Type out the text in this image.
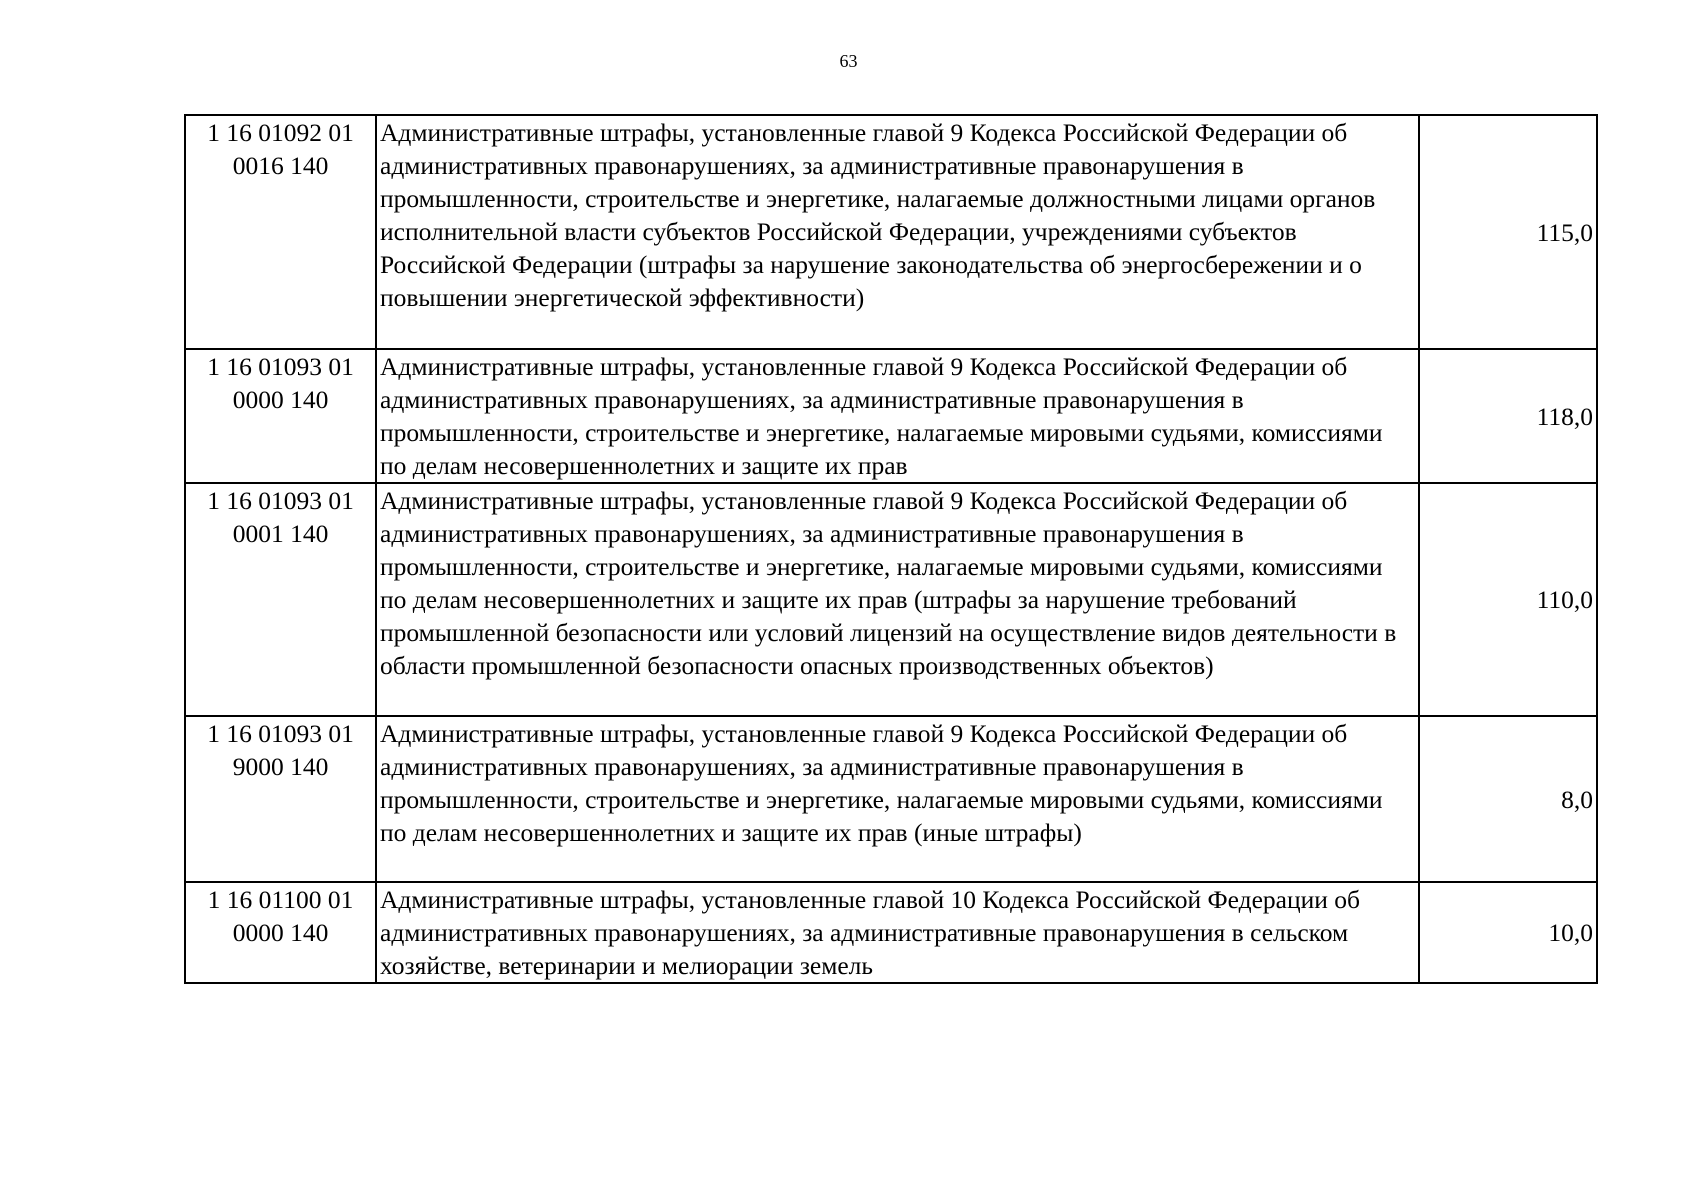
63
1 16 01092 01
0016 140	Административные штрафы, установленные главой 9 Кодекса Российской Федерации об административных правонарушениях, за административные правонарушения в промышленности, строительстве и энергетике, налагаемые должностными лицами органов исполнительной власти субъектов Российской Федерации, учреждениями субъектов Российской Федерации (штрафы за нарушение законодательства об энергосбережении и о повышении энергетической эффективности)	115,0

1 16 01093 01
0000 140	Административные штрафы, установленные главой 9 Кодекса Российской Федерации об административных правонарушениях, за административные правонарушения в промышленности, строительстве и энергетике, налагаемые мировыми судьями, комиссиями по делам несовершеннолетних и защите их прав	118,0

1 16 01093 01
0001 140	Административные штрафы, установленные главой 9 Кодекса Российской Федерации об административных правонарушениях, за административные правонарушения в промышленности, строительстве и энергетике, налагаемые мировыми судьями, комиссиями по делам несовершеннолетних и защите их прав (штрафы за нарушение требований промышленной безопасности или условий лицензий на осуществление видов деятельности в области промышленной безопасности опасных производственных объектов)	110,0

1 16 01093 01
9000 140	Административные штрафы, установленные главой 9 Кодекса Российской Федерации об административных правонарушениях, за административные правонарушения в промышленности, строительстве и энергетике, налагаемые мировыми судьями, комиссиями по делам несовершеннолетних и защите их прав (иные штрафы)	8,0

1 16 01100 01
0000 140	Административные штрафы, установленные главой 10 Кодекса Российской Федерации об административных правонарушениях, за административные правонарушения в сельском хозяйстве, ветеринарии и мелиорации земель	10,0
